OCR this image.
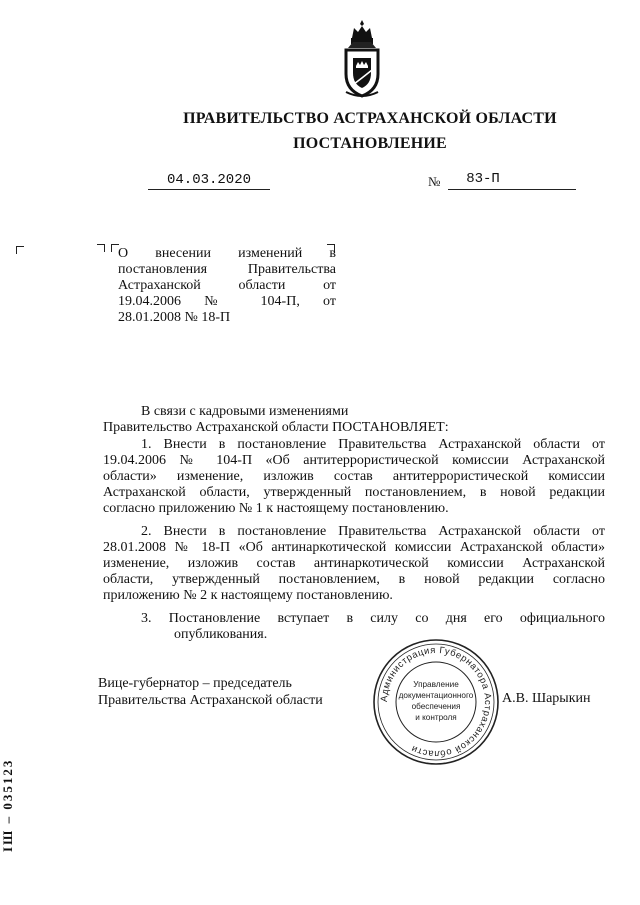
ПРАВИТЕЛЬСТВО АСТРАХАНСКОЙ ОБЛАСТИ
ПОСТАНОВЛЕНИЕ
04.03.2020	№	83-П
О внесении изменений в
постановления Правительства
Астраханской области от
19.04.2006 № 104-П, от
28.01.2008 № 18-П
В связи с кадровыми изменениями
Правительство Астраханской области ПОСТАНОВЛЯЕТ:
1. Внести в постановление Правительства Астраханской области от
19.04.2006 № 104-П «Об антитеррористической комиссии Астраханской
области» изменение, изложив состав антитеррористической комиссии
Астраханской области, утвержденный постановлением, в новой редакции
согласно приложению № 1 к настоящему постановлению.
2. Внести в постановление Правительства Астраханской области от
28.01.2008 № 18-П «Об антинаркотической комиссии Астраханской области»
изменение, изложив состав антинаркотической комиссии Астраханской
области, утвержденный постановлением, в новой редакции согласно
приложению № 2 к настоящему постановлению.
3. Постановление вступает в силу со дня его официального
опубликования.
Вице-губернатор – председатель
Правительства Астраханской области	А.В. Шарыкин
Администрация Губернатора Астраханской области
Управление
документационного
обеспечения
и контроля
ІШ – 035123
